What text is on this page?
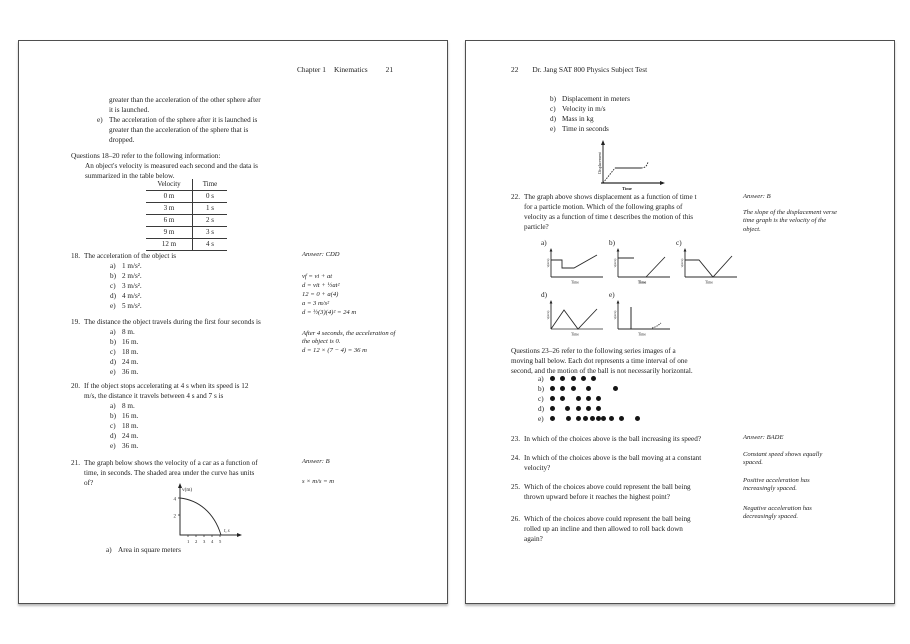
Chapter 1 Kinematics 21
greater than the acceleration of the other sphere after
it is launched.
e) The acceleration of the sphere after it is launched is
greater than the acceleration of the sphere that is
dropped.
Questions 18–20 refer to the following information:
An object's velocity is measured each second and the data is
summarized in the table below.
Velocity	Time
0 m	0 s
3 m	1 s
6 m	2 s
9 m	3 s
12 m	4 s
18. The acceleration of the object is
a) 1 m/s².
b) 2 m/s².
c) 3 m/s².
d) 4 m/s².
e) 5 m/s².
Answer: CDD
vf = vi + at
d = vit + ½at²
12 = 0 + a(4)
a = 3 m/s²
d = ½(3)(4)² = 24 m
19. The distance the object travels during the first four seconds is
a) 8 m.
b) 16 m.
c) 18 m.
d) 24 m.
e) 36 m.
After 4 seconds, the acceleration of
the object is 0.
d = 12 × (7 − 4) = 36 m
20. If the object stops accelerating at 4 s when its speed is 12
m/s, the distance it travels between 4 s and 7 s is
a) 8 m.
b) 16 m.
c) 18 m.
d) 24 m.
e) 36 m.
21. The graph below shows the velocity of a car as a function of
time, in seconds. The shaded area under the curve has units
of?
Answer: B
s × m/s = m
v(m)
4
2
1 2 3 4 5
t, s
a) Area in square meters
22 Dr. Jang SAT 800 Physics Subject Test
b) Displacement in meters
c) Velocity in m/s
d) Mass in kg
e) Time in seconds
Displacement
Time
22. The graph above shows displacement as a function of time t
for a particle motion. Which of the following graphs of
velocity as a function of time t describes the motion of this
particle?
Answer: B
The slope of the displacement verse
time graph is the velocity of the
object.
a)	b)	c)
d)	e)
v(m/s)
Time
v(m/s)
Time
v(m/s)
Time
v(m/s)
Time
v(m/s)
Time
Questions 23–26 refer to the following series images of a
moving ball below. Each dot represents a time interval of one
second, and the motion of the ball is not necessarily horizontal.
a)
b)
c)
d)
e)
23. In which of the choices above is the ball increasing its speed?	Answer: BADE
24. In which of the choices above is the ball moving at a constant
velocity?
Constant speed shows equally
spaced.
25. Which of the choices above could represent the ball being
thrown upward before it reaches the highest point?
Positive acceleration has
increasingly spaced.
26. Which of the choices above could represent the ball being
rolled up an incline and then allowed to roll back down
again?
Negative acceleration has
decreasingly spaced.
